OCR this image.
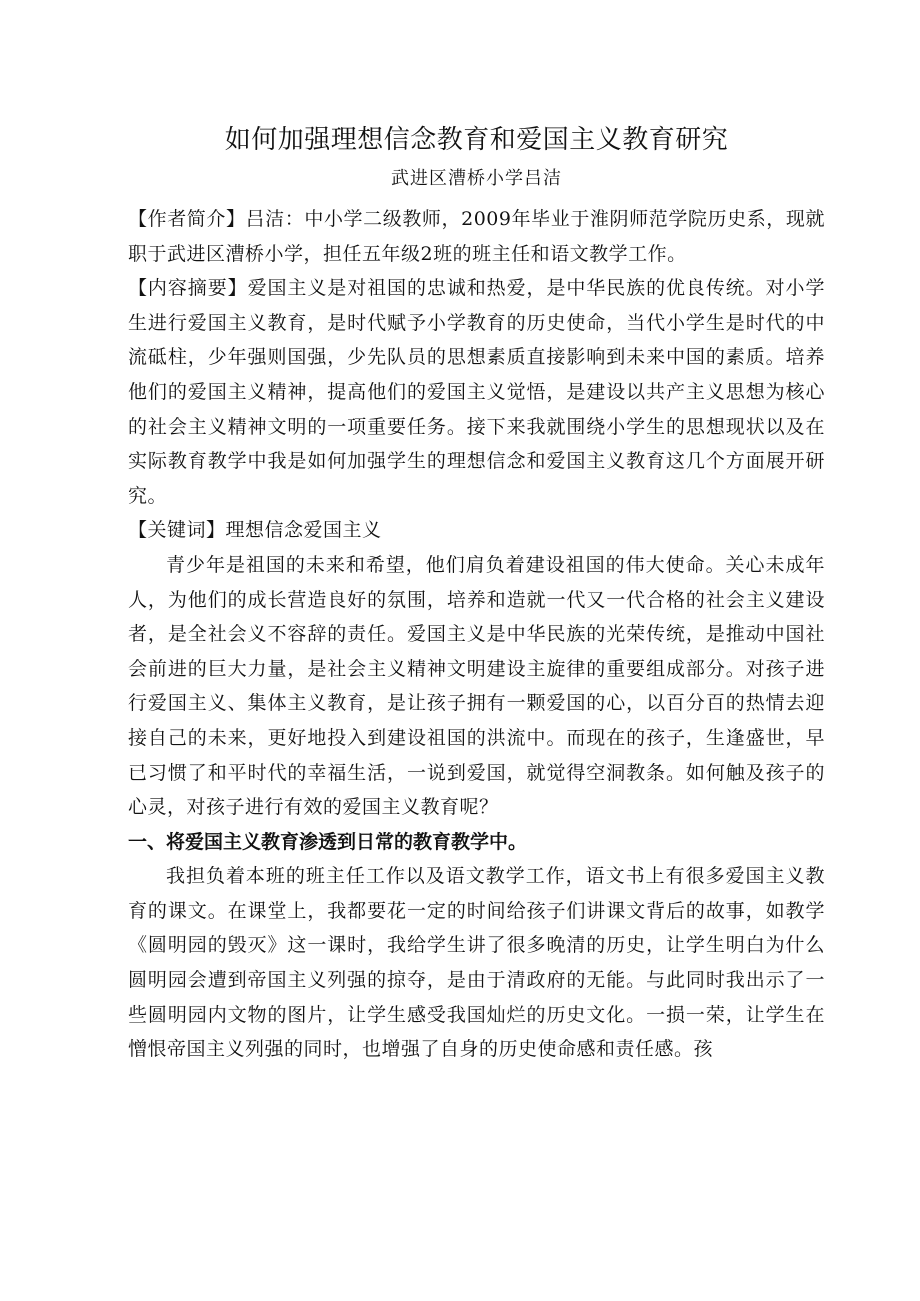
如何加强理想信念教育和爱国主义教育研究

武进区漕桥小学吕洁

【作者简介】吕洁：中小学二级教师，2009年毕业于淮阴师范学院历史系，现就职于武进区漕桥小学，担任五年级2班的班主任和语文教学工作。

【内容摘要】爱国主义是对祖国的忠诚和热爱，是中华民族的优良传统。对小学生进行爱国主义教育，是时代赋予小学教育的历史使命，当代小学生是时代的中流砥柱，少年强则国强，少先队员的思想素质直接影响到未来中国的素质。培养他们的爱国主义精神，提高他们的爱国主义觉悟，是建设以共产主义思想为核心的社会主义精神文明的一项重要任务。接下来我就围绕小学生的思想现状以及在实际教育教学中我是如何加强学生的理想信念和爱国主义教育这几个方面展开研究。

【关键词】理想信念爱国主义

青少年是祖国的未来和希望，他们肩负着建设祖国的伟大使命。关心未成年人，为他们的成长营造良好的氛围，培养和造就一代又一代合格的社会主义建设者，是全社会义不容辞的责任。爱国主义是中华民族的光荣传统，是推动中国社会前进的巨大力量，是社会主义精神文明建设主旋律的重要组成部分。对孩子进行爱国主义、集体主义教育，是让孩子拥有一颗爱国的心，以百分百的热情去迎接自己的未来，更好地投入到建设祖国的洪流中。而现在的孩子，生逢盛世，早已习惯了和平时代的幸福生活，一说到爱国，就觉得空洞教条。如何触及孩子的心灵，对孩子进行有效的爱国主义教育呢？

一、将爱国主义教育渗透到日常的教育教学中。

我担负着本班的班主任工作以及语文教学工作，语文书上有很多爱国主义教育的课文。在课堂上，我都要花一定的时间给孩子们讲课文背后的故事，如教学《圆明园的毁灭》这一课时，我给学生讲了很多晚清的历史，让学生明白为什么圆明园会遭到帝国主义列强的掠夺，是由于清政府的无能。与此同时我出示了一些圆明园内文物的图片，让学生感受我国灿烂的历史文化。一损一荣，让学生在憎恨帝国主义列强的同时，也增强了自身的历史使命感和责任感。孩
